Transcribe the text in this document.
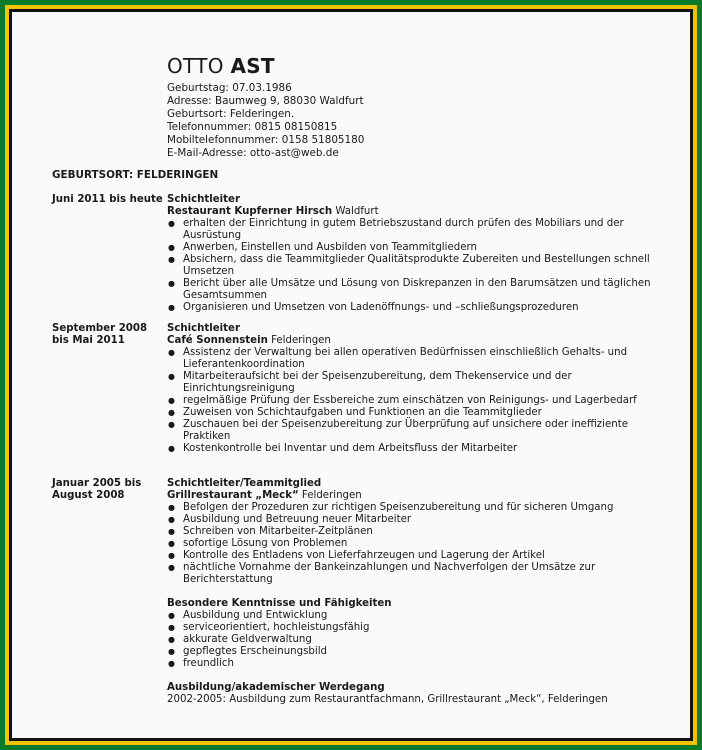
OTTO AST
Geburtstag: 07.03.1986
Adresse: Baumweg 9, 88030 Waldfurt
Geburtsort: Felderingen.
Telefonnummer: 0815 08150815
Mobiltelefonnummer: 0158 51805180
E-Mail-Adresse: otto-ast@web.de
GEBURTSORT: FELDERINGEN
Juni 2011 bis heute Schichtleiter
Restaurant Kupferner Hirsch Waldfurt
● erhalten der Einrichtung in gutem Betriebszustand durch prüfen des Mobiliars und der Ausrüstung
● Anwerben, Einstellen und Ausbilden von Teammitgliedern
● Absichern, dass die Teammitglieder Qualitätsprodukte Zubereiten und Bestellungen schnell Umsetzen
● Bericht über alle Umsätze und Lösung von Diskrepanzen in den Barumsätzen und täglichen Gesamtsummen
● Organisieren und Umsetzen von Ladenöffnungs- und –schließungsprozeduren
September 2008 bis Mai 2011
Schichtleiter
Café Sonnenstein Felderingen
● Assistenz der Verwaltung bei allen operativen Bedürfnissen einschließlich Gehalts- und Lieferantenkoordination
● Mitarbeiteraufsicht bei der Speisenzubereitung, dem Thekenservice und der Einrichtungsreinigung
● regelmäßige Prüfung der Essbereiche zum einschätzen von Reinigungs- und Lagerbedarf
● Zuweisen von Schichtaufgaben und Funktionen an die Teammitglieder
● Zuschauen bei der Speisenzubereitung zur Überprüfung auf unsichere oder ineffiziente Praktiken
● Kostenkontrolle bei Inventar und dem Arbeitsfluss der Mitarbeiter
Januar 2005 bis August 2008
Schichtleiter/Teammitglied
Grillrestaurant „Meck“ Felderingen
● Befolgen der Prozeduren zur richtigen Speisenzubereitung und für sicheren Umgang
● Ausbildung und Betreuung neuer Mitarbeiter
● Schreiben von Mitarbeiter-Zeitplänen
● sofortige Lösung von Problemen
● Kontrolle des Entladens von Lieferfahrzeugen und Lagerung der Artikel
● nächtliche Vornahme der Bankeinzahlungen und Nachverfolgen der Umsätze zur Berichterstattung
Besondere Kenntnisse und Fähigkeiten
● Ausbildung und Entwicklung
● serviceorientiert, hochleistungsfähig
● akkurate Geldverwaltung
● gepflegtes Erscheinungsbild
● freundlich
Ausbildung/akademischer Werdegang
2002-2005: Ausbildung zum Restaurantfachmann, Grillrestaurant „Meck“, Felderingen
